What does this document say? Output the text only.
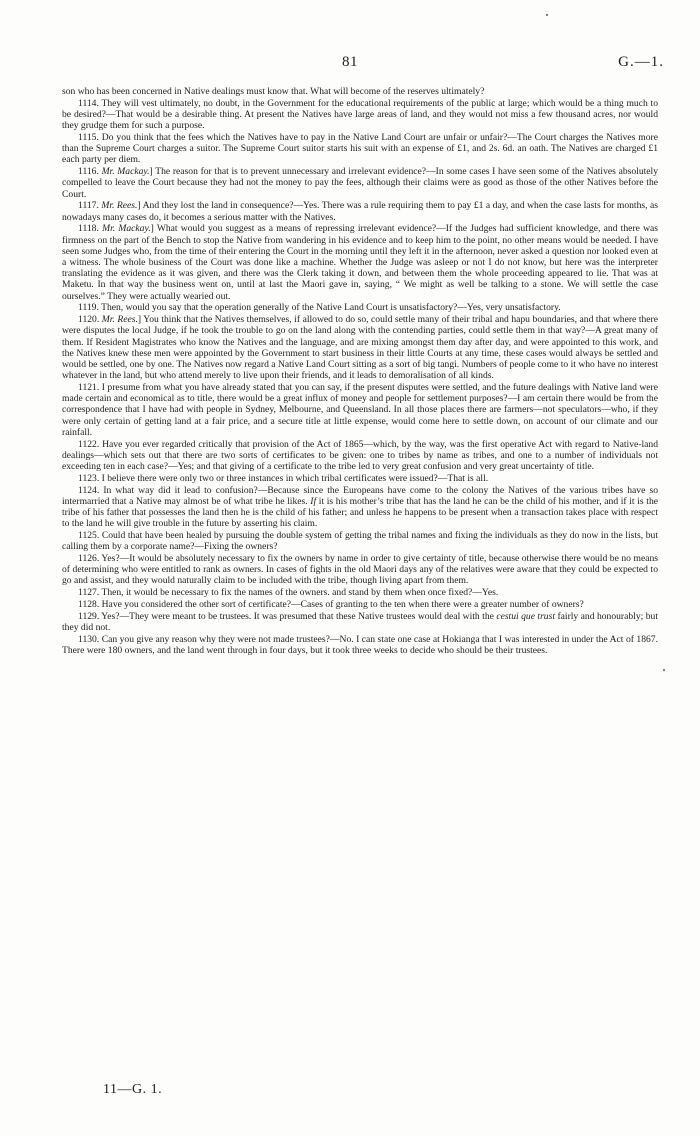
81	G.—1.

son who has been concerned in Native dealings must know that. What will become of the reserves ultimately?

1114. They will vest ultimately, no doubt, in the Government for the educational requirements of the public at large; which would be a thing much to be desired?—That would be a desirable thing. At present the Natives have large areas of land, and they would not miss a few thousand acres, nor would they grudge them for such a purpose.

1115. Do you think that the fees which the Natives have to pay in the Native Land Court are unfair or unfair?—The Court charges the Natives more than the Supreme Court charges a suitor. The Supreme Court suitor starts his suit with an expense of £1, and 2s. 6d. an oath. The Natives are charged £1 each party per diem.

1116. Mr. Mackay.] The reason for that is to prevent unnecessary and irrelevant evidence?—In some cases I have seen some of the Natives absolutely compelled to leave the Court because they had not the money to pay the fees, although their claims were as good as those of the other Natives before the Court.

1117. Mr. Rees.] And they lost the land in consequence?—Yes. There was a rule requiring them to pay £1 a day, and when the case lasts for months, as nowadays many cases do, it becomes a serious matter with the Natives.

1118. Mr. Mackay.] What would you suggest as a means of repressing irrelevant evidence?—If the Judges had sufficient knowledge, and there was firmness on the part of the Bench to stop the Native from wandering in his evidence and to keep him to the point, no other means would be needed. I have seen some Judges who, from the time of their entering the Court in the morning until they left it in the afternoon, never asked a question nor looked even at a witness. The whole business of the Court was done like a machine. Whether the Judge was asleep or not I do not know, but here was the interpreter translating the evidence as it was given, and there was the Clerk taking it down, and between them the whole proceeding appeared to lie. That was at Maketu. In that way the business went on, until at last the Maori gave in, saying, “ We might as well be talking to a stone. We will settle the case ourselves.” They were actually wearied out.

1119. Then, would you say that the operation generally of the Native Land Court is unsatisfactory?—Yes, very unsatisfactory.

1120. Mr. Rees.] You think that the Natives themselves, if allowed to do so, could settle many of their tribal and hapu boundaries, and that where there were disputes the local Judge, if he took the trouble to go on the land along with the contending parties, could settle them in that way?—A great many of them. If Resident Magistrates who know the Natives and the language, and are mixing amongst them day after day, and were appointed to this work, and the Natives knew these men were appointed by the Government to start business in their little Courts at any time, these cases would always be settled and would be settled, one by one. The Natives now regard a Native Land Court sitting as a sort of big tangi. Numbers of people come to it who have no interest whatever in the land, but who attend merely to live upon their friends, and it leads to demoralisation of all kinds.

1121. I presume from what you have already stated that you can say, if the present disputes were settled, and the future dealings with Native land were made certain and economical as to title, there would be a great influx of money and people for settlement purposes?—I am certain there would be from the correspondence that I have had with people in Sydney, Melbourne, and Queensland. In all those places there are farmers—not speculators—who, if they were only certain of getting land at a fair price, and a secure title at little expense, would come here to settle down, on account of our climate and our rainfall.

1122. Have you ever regarded critically that provision of the Act of 1865—which, by the way, was the first operative Act with regard to Native-land dealings—which sets out that there are two sorts of certificates to be given: one to tribes by name as tribes, and one to a number of individuals not exceeding ten in each case?—Yes; and that giving of a certificate to the tribe led to very great confusion and very great uncertainty of title.

1123. I believe there were only two or three instances in which tribal certificates were issued?—That is all.

1124. In what way did it lead to confusion?—Because since the Europeans have come to the colony the Natives of the various tribes have so intermarried that a Native may almost be of what tribe he likes. If it is his mother’s tribe that has the land he can be the child of his mother, and if it is the tribe of his father that possesses the land then he is the child of his father; and unless he happens to be present when a transaction takes place with respect to the land he will give trouble in the future by asserting his claim.

1125. Could that have been healed by pursuing the double system of getting the tribal names and fixing the individuals as they do now in the lists, but calling them by a corporate name?—Fixing the owners?

1126. Yes?—It would be absolutely necessary to fix the owners by name in order to give certainty of title, because otherwise there would be no means of determining who were entitled to rank as owners. In cases of fights in the old Maori days any of the relatives were aware that they could be expected to go and assist, and they would naturally claim to be included with the tribe, though living apart from them.

1127. Then, it would be necessary to fix the names of the owners. and stand by them when once fixed?—Yes.

1128. Have you considered the other sort of certificate?—Cases of granting to the ten when there were a greater number of owners?

1129. Yes?—They were meant to be trustees. It was presumed that these Native trustees would deal with the cestui que trust fairly and honourably; but they did not.

1130. Can you give any reason why they were not made trustees?—No. I can state one case at Hokianga that I was interested in under the Act of 1867. There were 180 owners, and the land went through in four days, but it took three weeks to decide who should be their trustees.

11—G. 1.
